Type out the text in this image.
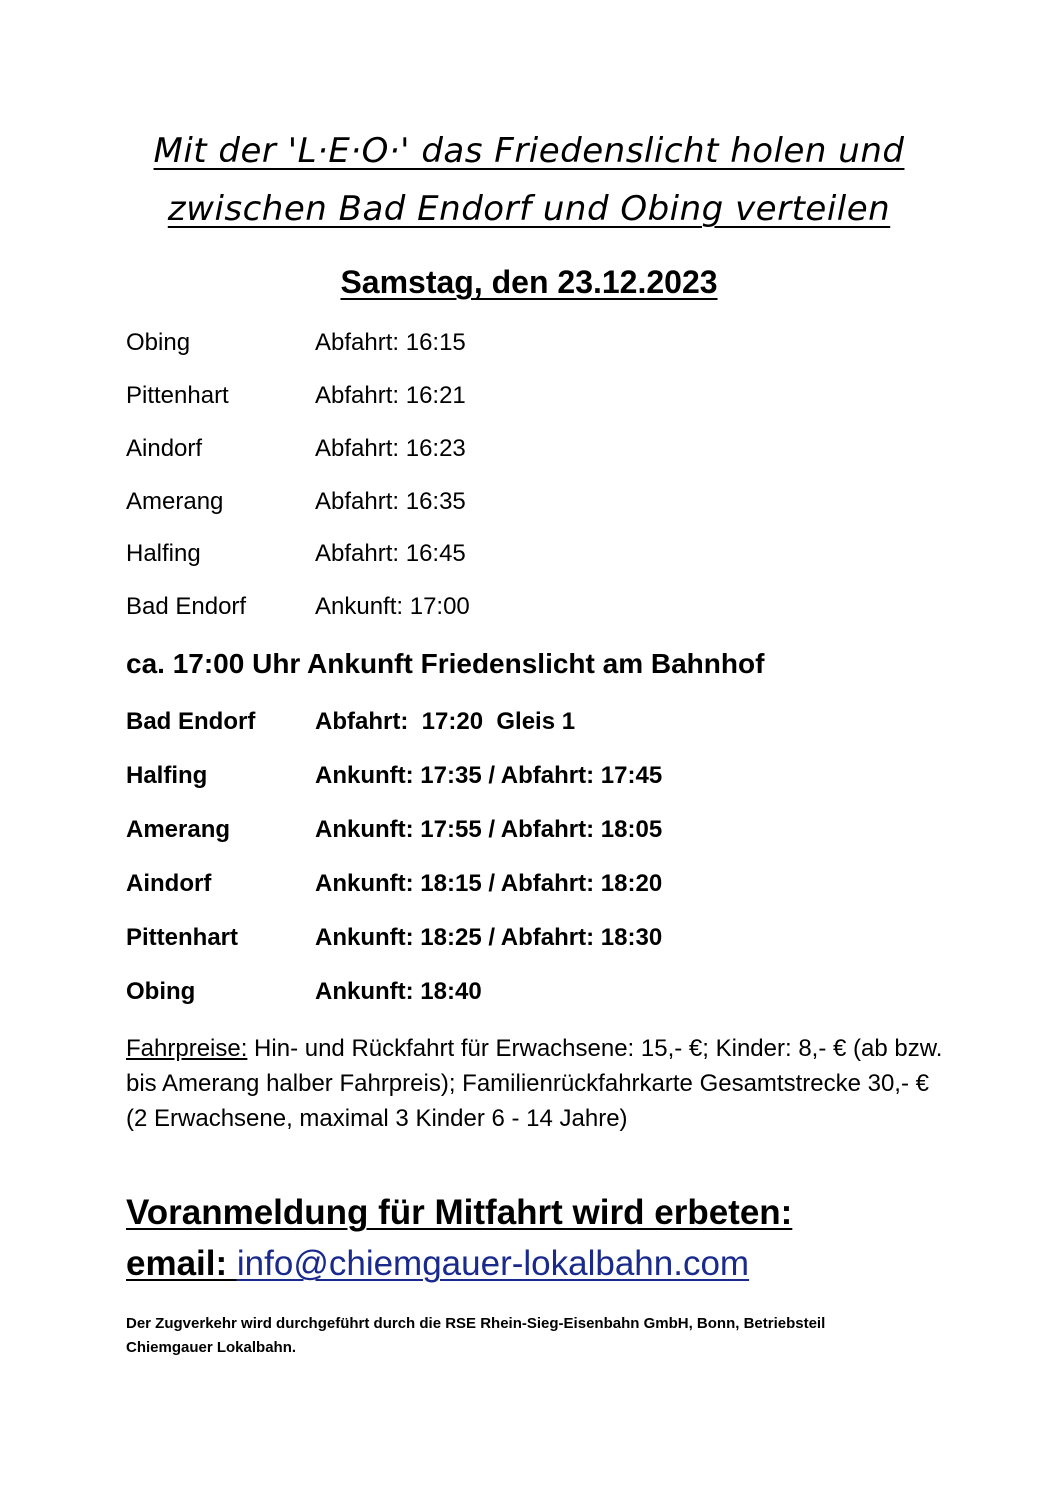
Mit der 'L·E·O·' das Friedenslicht holen und
zwischen Bad Endorf und Obing verteilen
Samstag, den 23.12.2023
Obing	Abfahrt: 16:15
Pittenhart	Abfahrt: 16:21
Aindorf	Abfahrt: 16:23
Amerang	Abfahrt: 16:35
Halfing	Abfahrt: 16:45
Bad Endorf	Ankunft: 17:00
ca. 17:00 Uhr Ankunft Friedenslicht am Bahnhof
Bad Endorf Abfahrt:  17:20  Gleis 1
Halfing	Ankunft: 17:35 / Abfahrt: 17:45
Amerang	Ankunft: 17:55 / Abfahrt: 18:05
Aindorf	Ankunft: 18:15 / Abfahrt: 18:20
Pittenhart	Ankunft: 18:25 / Abfahrt: 18:30
Obing	Ankunft: 18:40
Fahrpreise: Hin- und Rückfahrt für Erwachsene: 15,- €; Kinder: 8,- € (ab bzw. bis Amerang halber Fahrpreis); Familienrückfahrkarte Gesamtstrecke 30,- € (2 Erwachsene, maximal 3 Kinder 6 - 14 Jahre)
Voranmeldung für Mitfahrt wird erbeten:
email: info@chiemgauer-lokalbahn.com
Der Zugverkehr wird durchgeführt durch die RSE Rhein-Sieg-Eisenbahn GmbH, Bonn, Betriebsteil Chiemgauer Lokalbahn.
